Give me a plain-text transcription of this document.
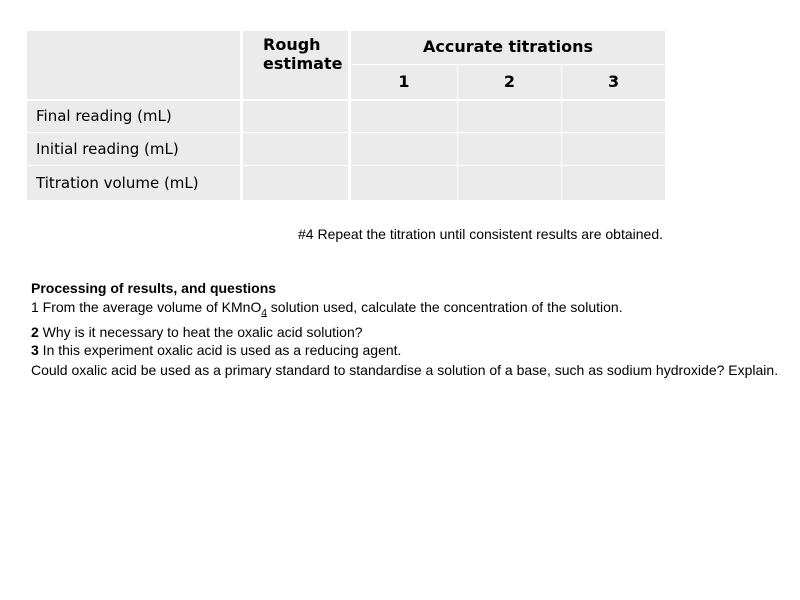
	Rough estimate	Accurate titrations		
		1	2	3
Final reading (mL)				
Initial reading (mL)				
Titration volume (mL)				
#4 Repeat the titration until consistent results are obtained.

Processing of results, and questions

1 From the average volume of KMnO$_4$ solution used, calculate the concentration of the solution.

2 Why is it necessary to heat the oxalic acid solution?

3 In this experiment oxalic acid is used as a reducing agent.

Could oxalic acid be used as a primary standard to standardise a solution of a base, such as sodium hydroxide? Explain.
